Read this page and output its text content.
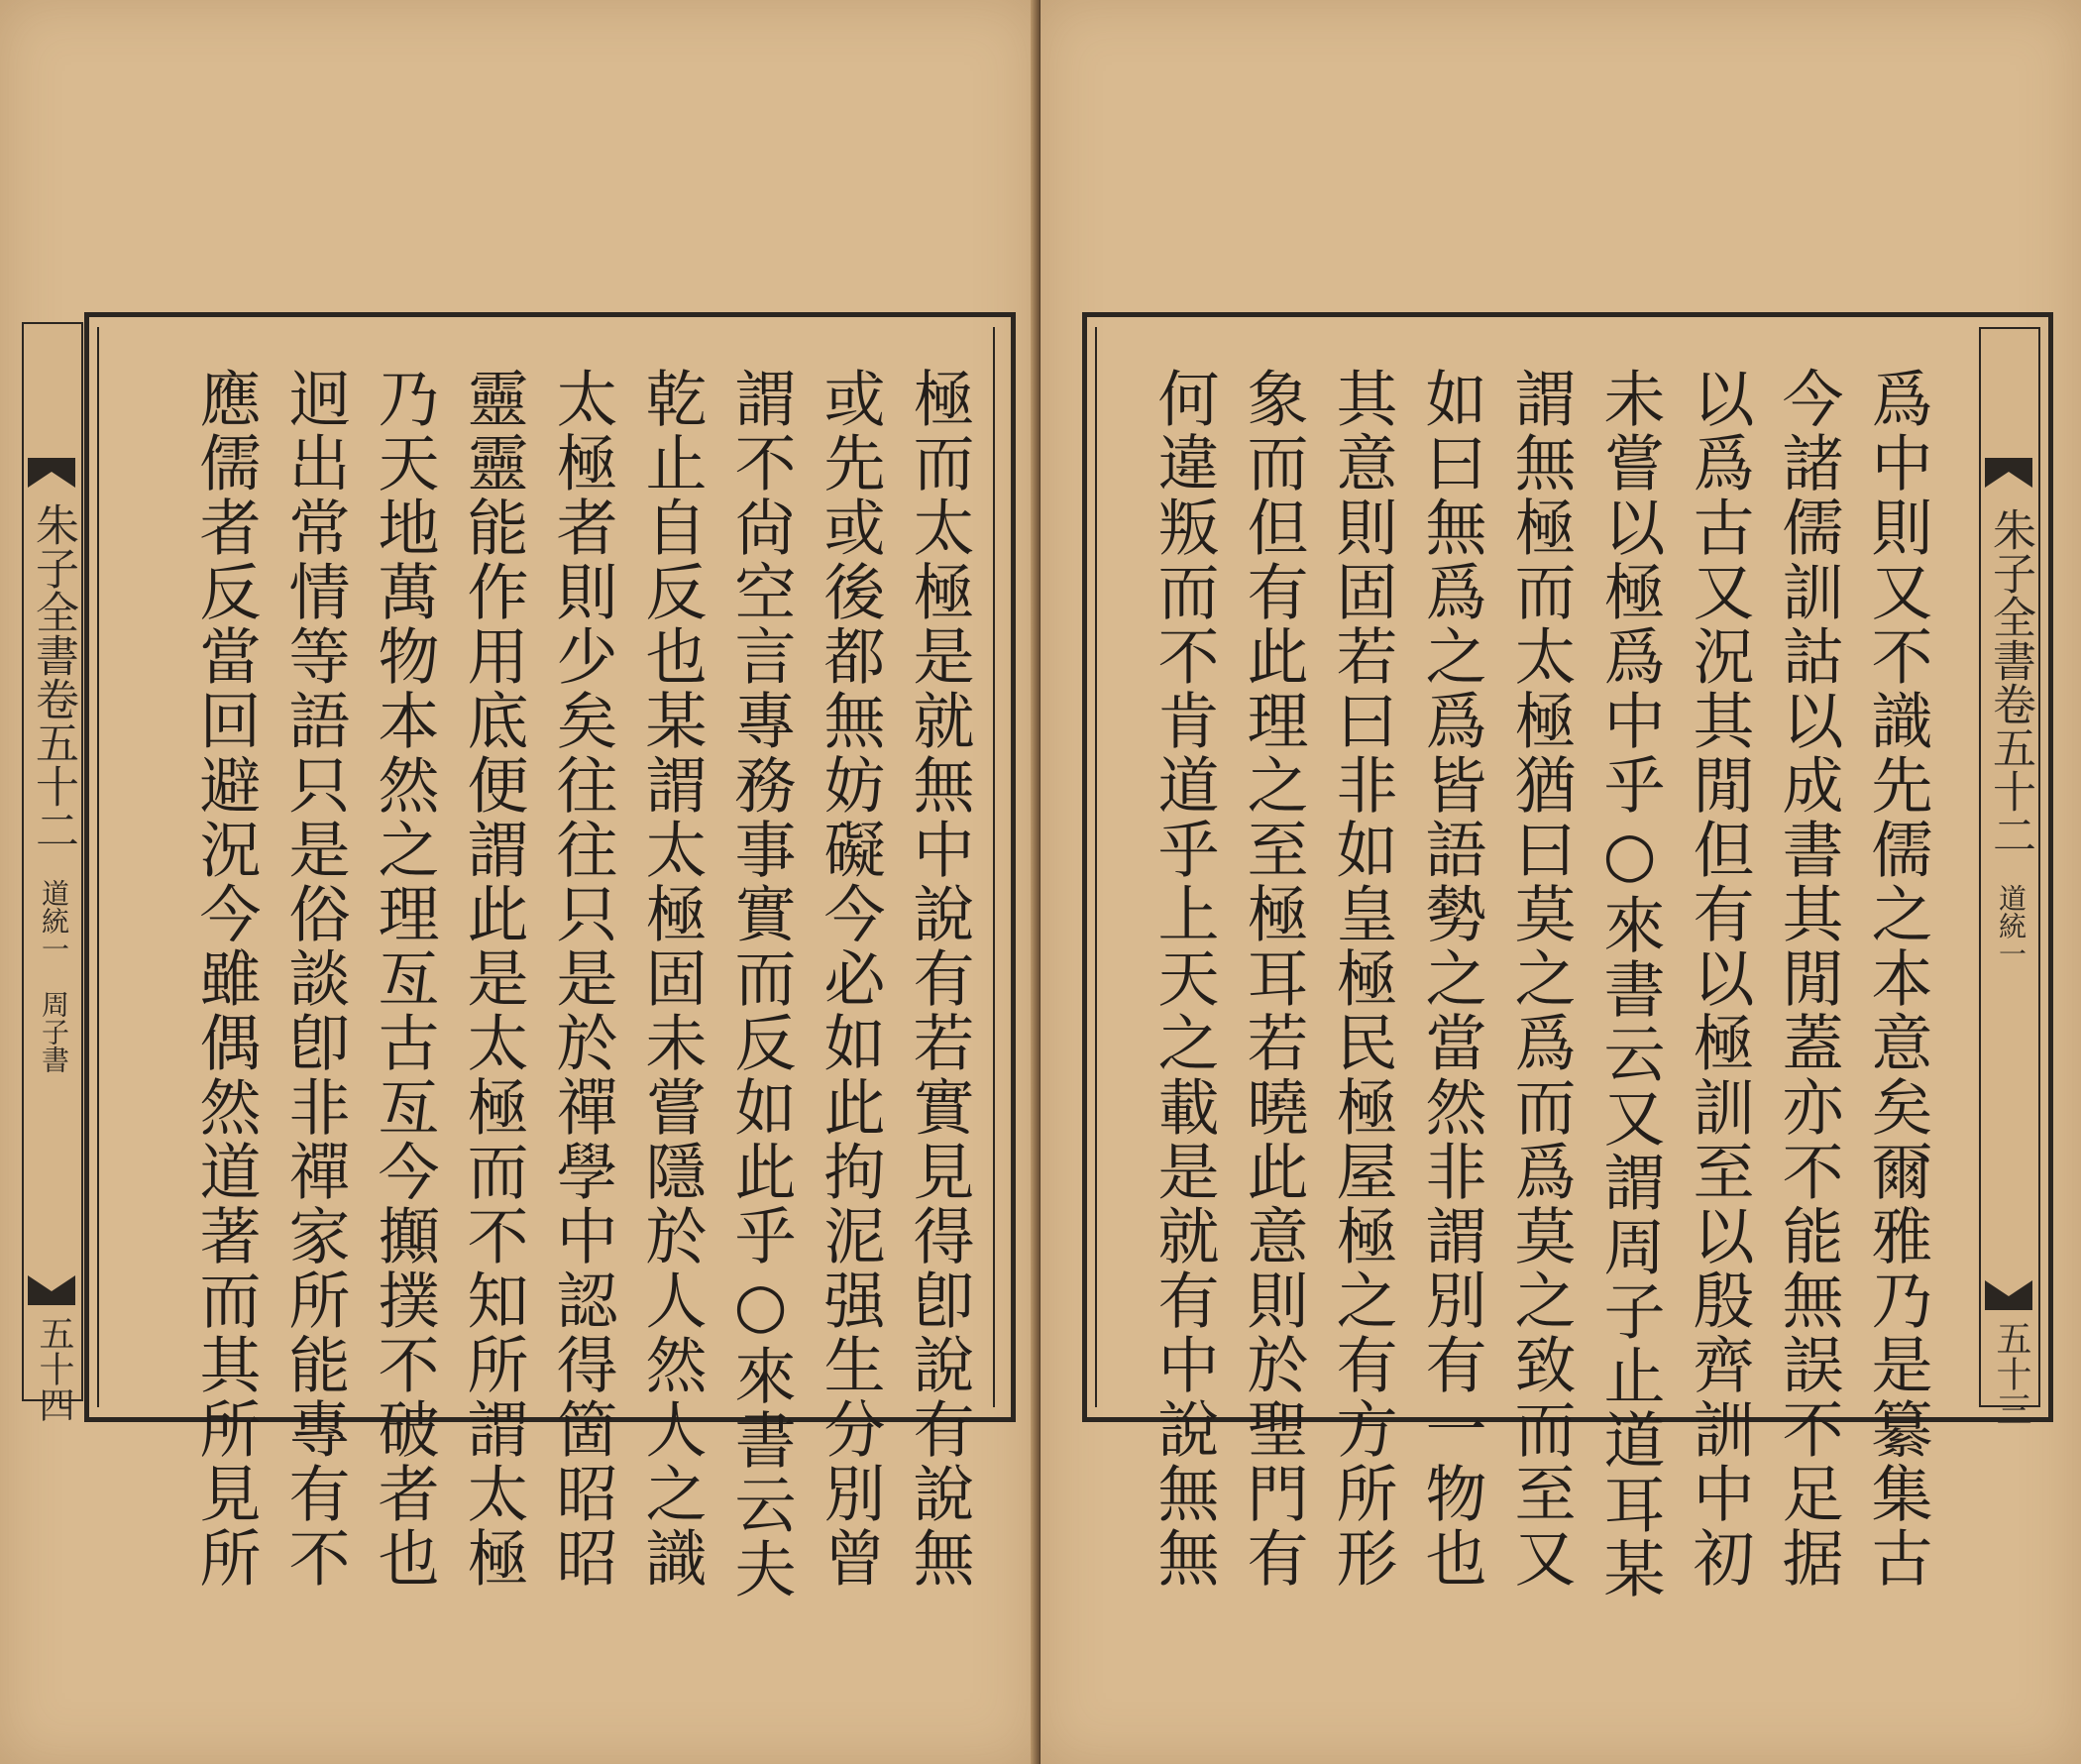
極而太極是就無中說有若實見得卽說有說無
或先或後都無妨礙今必如此拘泥强生分別曾
謂不尙空言專務事實而反如此乎○來書云夫
乾止自反也某謂太極固未嘗隱於人然人之識
太極者則少矣往往只是於禪學中認得箇昭昭
靈靈能作用底便謂此是太極而不知所謂太極
乃天地萬物本然之理亙古亙今攧撲不破者也
迥出常情等語只是俗談卽非禪家所能專有不
應儒者反當回避況今雖偶然道著而其所見所
朱子全書卷五十二
道統一　周子書
五十四	爲中則又不識先儒之本意矣爾雅乃是纂集古
今諸儒訓詁以成書其閒蓋亦不能無誤不足据
以爲古又況其閒但有以極訓至以殷齊訓中初
未嘗以極爲中乎○來書云又謂周子止道耳某
謂無極而太極猶曰莫之爲而爲莫之致而至又
如曰無爲之爲皆語勢之當然非謂別有一物也
其意則固若曰非如皇極民極屋極之有方所形
象而但有此理之至極耳若曉此意則於聖門有
何違叛而不肯道乎上天之載是就有中說無無	朱子全書卷五十二
道統一
五十三
